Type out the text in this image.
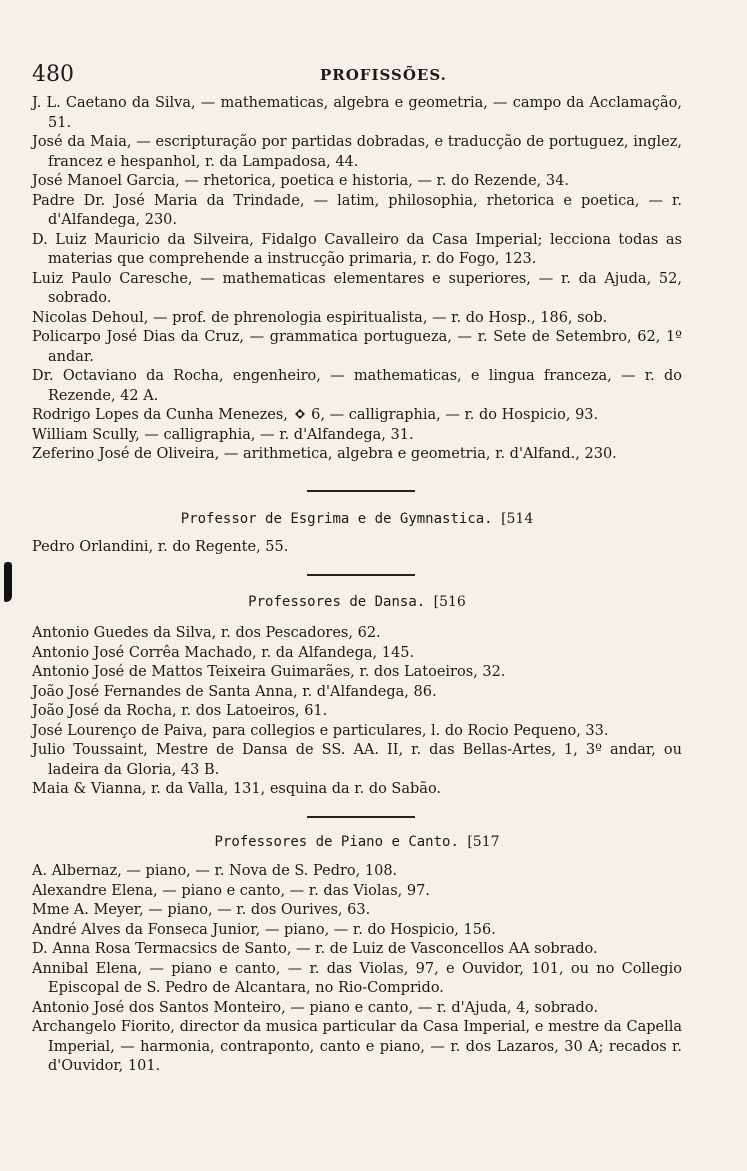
480	PROFISSÕES.

J. L. Caetano da Silva, — mathematicas, algebra e geometria, — campo da Acclamação, 51.

José da Maia, — escripturação por partidas dobradas, e traducção de portuguez, inglez, francez e hespanhol, r. da Lampadosa, 44.

José Manoel Garcia, — rhetorica, poetica e historia, — r. do Rezende, 34.

Padre Dr. José Maria da Trindade, — latim, philosophia, rhetorica e poetica, — r. d'Alfandega, 230.

D. Luiz Mauricio da Silveira, Fidalgo Cavalleiro da Casa Imperial; lecciona todas as materias que comprehende a instrucção primaria, r. do Fogo, 123.

Luiz Paulo Caresche, — mathematicas elementares e superiores, — r. da Ajuda, 52, sobrado.

Nicolas Dehoul, — prof. de phrenologia espiritualista, — r. do Hosp., 186, sob.

Policarpo José Dias da Cruz, — grammatica portugueza, — r. Sete de Setembro, 62, 1º andar.

Dr. Octaviano da Rocha, engenheiro, — mathematicas, e lingua franceza, — r. do Rezende, 42 A.

Rodrigo Lopes da Cunha Menezes,  6, — calligraphia, — r. do Hospicio, 93.

William Scully, — calligraphia, — r. d'Alfandega, 31.

Zeferino José de Oliveira, — arithmetica, algebra e geometria, r. d'Alfand., 230.

Professor de Esgrima e de Gymnastica. [514

Pedro Orlandini, r. do Regente, 55.

Professores de Dansa. [516

Antonio Guedes da Silva, r. dos Pescadores, 62.

Antonio José Corrêa Machado, r. da Alfandega, 145.

Antonio José de Mattos Teixeira Guimarães, r. dos Latoeiros, 32.

João José Fernandes de Santa Anna, r. d'Alfandega, 86.

João José da Rocha, r. dos Latoeiros, 61.

José Lourenço de Paiva, para collegios e particulares, l. do Rocio Pequeno, 33.

Julio Toussaint, Mestre de Dansa de SS. AA. II, r. das Bellas-Artes, 1, 3º andar, ou ladeira da Gloria, 43 B.

Maia & Vianna, r. da Valla, 131, esquina da r. do Sabão.

Professores de Piano e Canto. [517

A. Albernaz, — piano, — r. Nova de S. Pedro, 108.

Alexandre Elena, — piano e canto, — r. das Violas, 97.

Mme A. Meyer, — piano, — r. dos Ourives, 63.

André Alves da Fonseca Junior, — piano, — r. do Hospicio, 156.

D. Anna Rosa Termacsics de Santo, — r. de Luiz de Vasconcellos AA sobrado.

Annibal Elena, — piano e canto, — r. das Violas, 97, e Ouvidor, 101, ou no Collegio Episcopal de S. Pedro de Alcantara, no Rio-Comprido.

Antonio José dos Santos Monteiro, — piano e canto, — r. d'Ajuda, 4, sobrado.

Archangelo Fiorito, director da musica particular da Casa Imperial, e mestre da Capella Imperial, — harmonia, contraponto, canto e piano, — r. dos Lazaros, 30 A; recados r. d'Ouvidor, 101.
